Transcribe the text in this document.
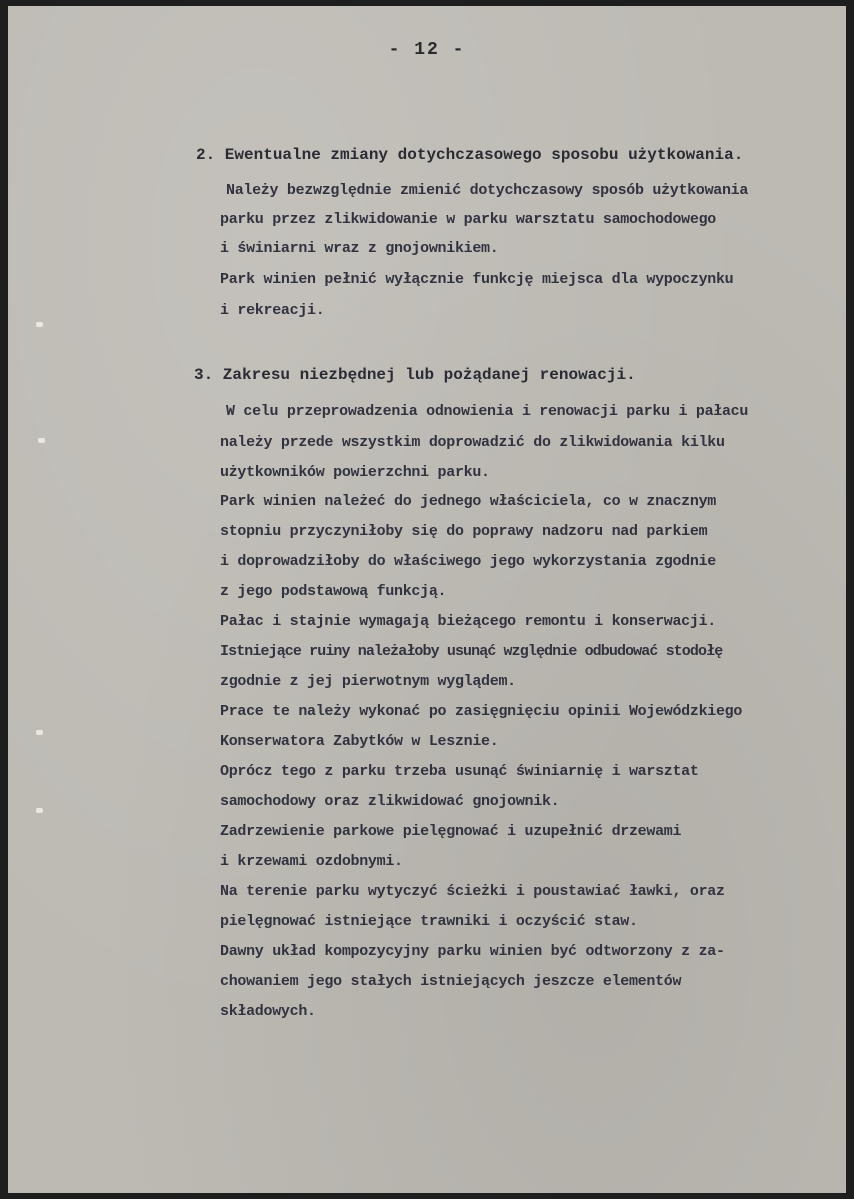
- 12 -
2. Ewentualne zmiany dotychczasowego sposobu użytkowania.
Należy bezwzględnie zmienić dotychczasowy sposób użytkowania
parku przez zlikwidowanie w parku warsztatu samochodowego
i świniarni wraz z gnojownikiem.
Park winien pełnić wyłącznie funkcję miejsca dla wypoczynku
i rekreacji.
3. Zakresu niezbędnej lub pożądanej renowacji.
W celu przeprowadzenia odnowienia i renowacji parku i pałacu
należy przede wszystkim doprowadzić do zlikwidowania kilku
użytkowników powierzchni parku.
Park winien należeć do jednego właściciela, co w znacznym
stopniu przyczyniłoby się do poprawy nadzoru nad parkiem
i doprowadziłoby do właściwego jego wykorzystania zgodnie
z jego podstawową funkcją.
Pałac i stajnie wymagają bieżącego remontu i konserwacji.
Istniejące ruiny należałoby usunąć względnie odbudować stodołę
zgodnie z jej pierwotnym wyglądem.
Prace te należy wykonać po zasięgnięciu opinii Wojewódzkiego
Konserwatora Zabytków w Lesznie.
Oprócz tego z parku trzeba usunąć świniarnię i warsztat
samochodowy oraz zlikwidować gnojownik.
Zadrzewienie parkowe pielęgnować i uzupełnić drzewami
i krzewami ozdobnymi.
Na terenie parku wytyczyć ścieżki i poustawiać ławki, oraz
pielęgnować istniejące trawniki i oczyścić staw.
Dawny układ kompozycyjny parku winien być odtworzony z za-
chowaniem jego stałych istniejących jeszcze elementów
składowych.
